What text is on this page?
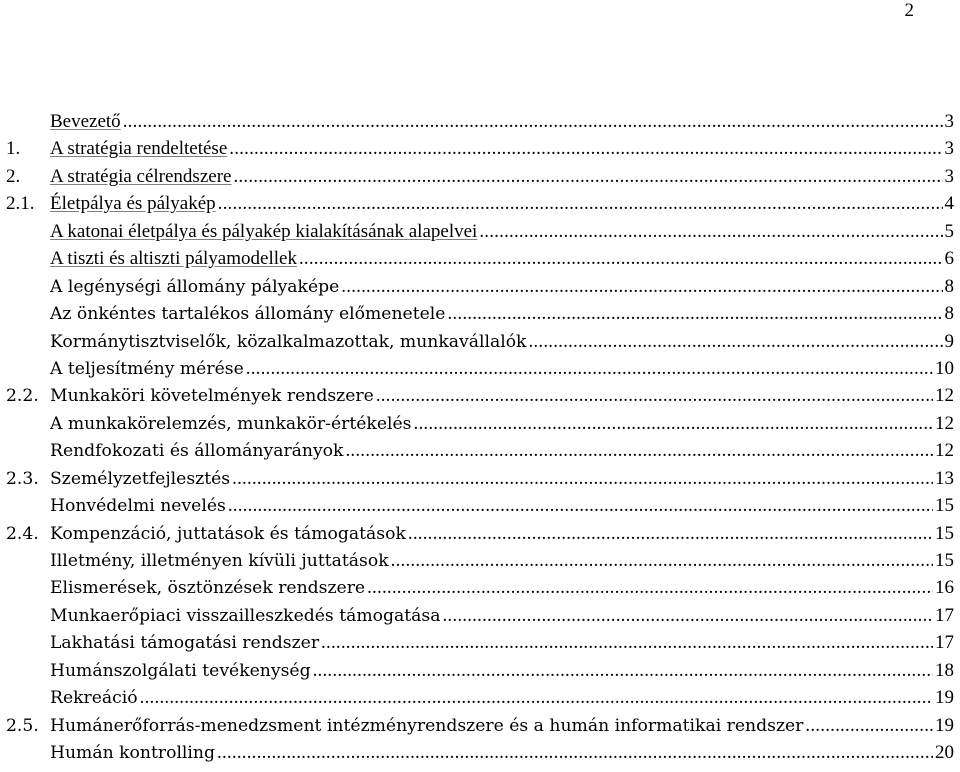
2
Bevezető .....	3
1.	A stratégia rendeltetése .....	3
2.	A stratégia célrendszere .....	3
2.1. Életpálya és pályakép .....	4
A katonai életpálya és pályakép kialakításának alapelvei .....	5
A tiszti és altiszti pályamodellek .....	6
A legénységi állomány pályaképe .....	8
Az önkéntes tartalékos állomány előmenetele .....	8
Kormánytisztviselők, közalkalmazottak, munkavállalók .....	9
A teljesítmény mérése .....	10
2.2. Munkaköri követelmények rendszere .....	12
A munkakörelemzés, munkakör-értékelés .....	12
Rendfokozati és állományarányok .....	12
2.3. Személyzetfejlesztés .....	13
Honvédelmi nevelés .....	15
2.4. Kompenzáció, juttatások és támogatások .....	15
Illetmény, illetményen kívüli juttatások .....	15
Elismerések, ösztönzések rendszere .....	16
Munkaerőpiaci visszailleszkedés támogatása .....	17
Lakhatási támogatási rendszer .....	17
Humánszolgálati tevékenység .....	18
Rekreáció .....	19
2.5. Humánerőforrás-menedzsment intézményrendszere és a humán informatikai rendszer .....	19
Humán kontrolling .....	20
